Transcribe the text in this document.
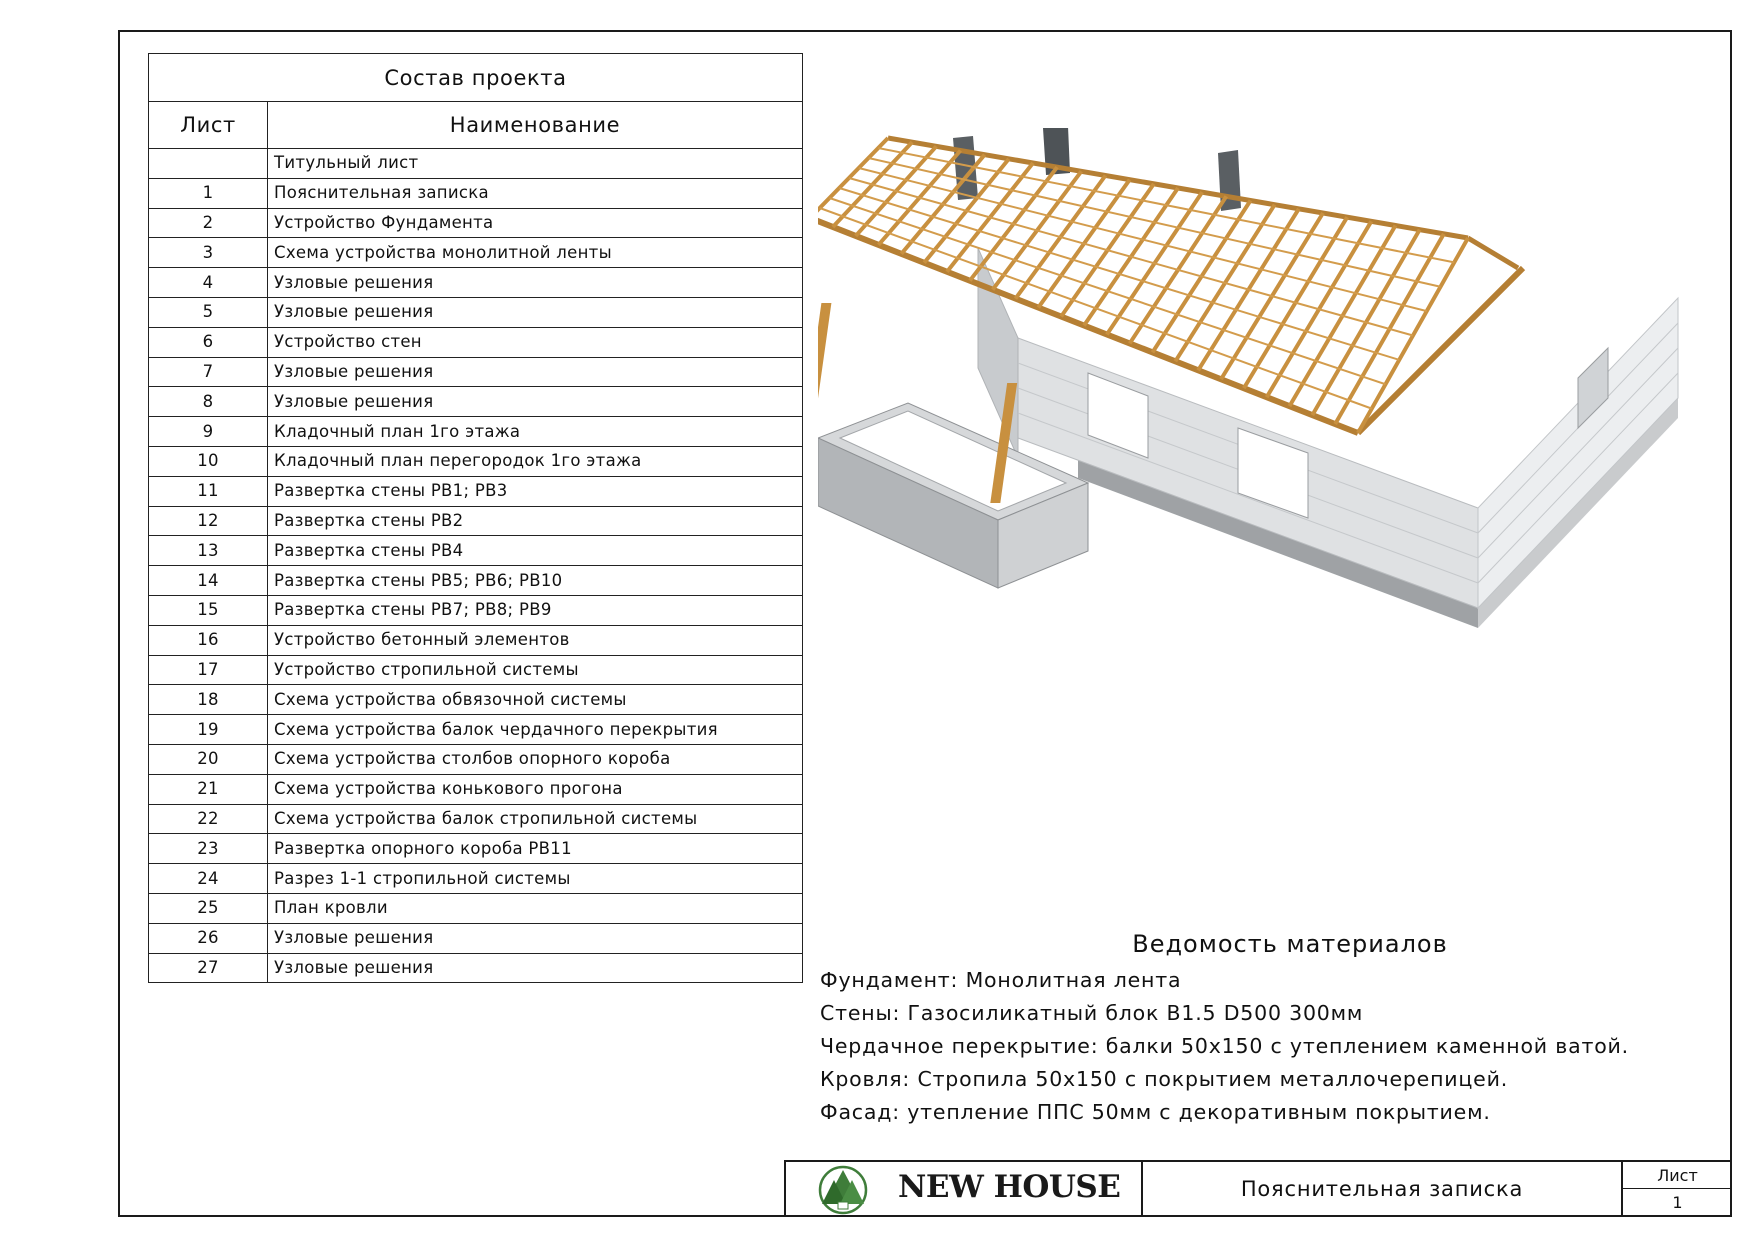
Состав проекта	
Лист	Наименование
	Титульный лист
1	Пояснительная записка
2	Устройство Фундамента
3	Схема устройства монолитной ленты
4	Узловые решения
5	Узловые решения
6	Устройство стен
7	Узловые решения
8	Узловые решения
9	Кладочный план 1го этажа
10	Кладочный план перегородок 1го этажа
11	Развертка стены РВ1; РВ3
12	Развертка стены РВ2
13	Развертка стены РВ4
14	Развертка стены РВ5; РВ6; РВ10
15	Развертка стены РВ7; РВ8; РВ9
16	Устройство бетонный элементов
17	Устройство стропильной системы
18	Схема устройства обвязочной системы
19	Схема устройства балок чердачного перекрытия
20	Схема устройства столбов опорного короба
21	Схема устройства конькового прогона
22	Схема устройства балок стропильной системы
23	Развертка опорного короба РВ11
24	Разрез 1-1 стропильной системы
25	План кровли
26	Узловые решения
27	Узловые решения
Ведомость материалов
Фундамент: Монолитная лента
Стены: Газосиликатный блок В1.5 D500 300мм
Чердачное перекрытие: балки 50х150 с утеплением каменной ватой.
Кровля: Стропила 50х150 с покрытием металлочерепицей.
Фасад: утепление ППС 50мм с декоративным покрытием.
NEW HOUSE	Пояснительная записка
Лист
1
